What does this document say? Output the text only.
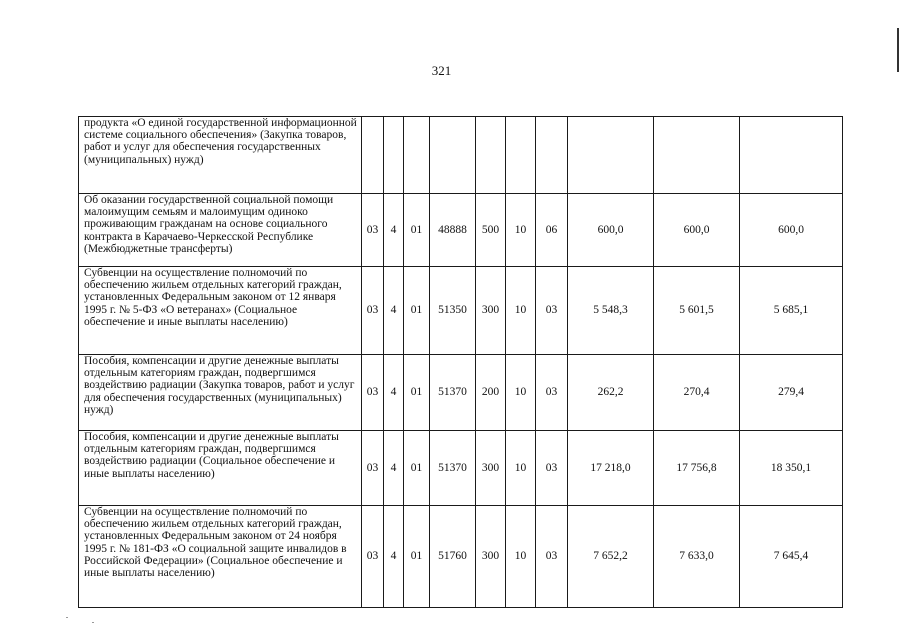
321
продукта «О единой государственной информационной системе социального обеспечения» (Закупка товаров, работ и услуг для обеспечения государственных (муниципальных) нужд)										
Об оказании государственной социальной помощи малоимущим семьям и малоимущим одиноко проживающим гражданам на основе социального контракта в Карачаево-Черкесской Республике (Межбюджетные трансферты)	03	4	01	48888	500	10	06	600,0	600,0	600,0
Субвенции на осуществление полномочий по обеспечению жильем отдельных категорий граждан, установленных Федеральным законом от 12 января 1995 г. № 5-ФЗ «О ветеранах» (Социальное обеспечение и иные выплаты населению)	03	4	01	51350	300	10	03	5 548,3	5 601,5	5 685,1
Пособия, компенсации и другие денежные выплаты отдельным категориям граждан, подвергшимся воздействию радиации (Закупка товаров, работ и услуг для обеспечения государственных (муниципальных) нужд)	03	4	01	51370	200	10	03	262,2	270,4	279,4
Пособия, компенсации и другие денежные выплаты отдельным категориям граждан, подвергшимся воздействию радиации (Социальное обеспечение и иные выплаты населению)	03	4	01	51370	300	10	03	17 218,0	17 756,8	18 350,1
Субвенции на осуществление полномочий по обеспечению жильем отдельных категорий граждан, установленных Федеральным законом от 24 ноября 1995 г. № 181-ФЗ «О социальной защите инвалидов в Российской Федерации» (Социальное обеспечение и иные выплаты населению)	03	4	01	51760	300	10	03	7 652,2	7 633,0	7 645,4
